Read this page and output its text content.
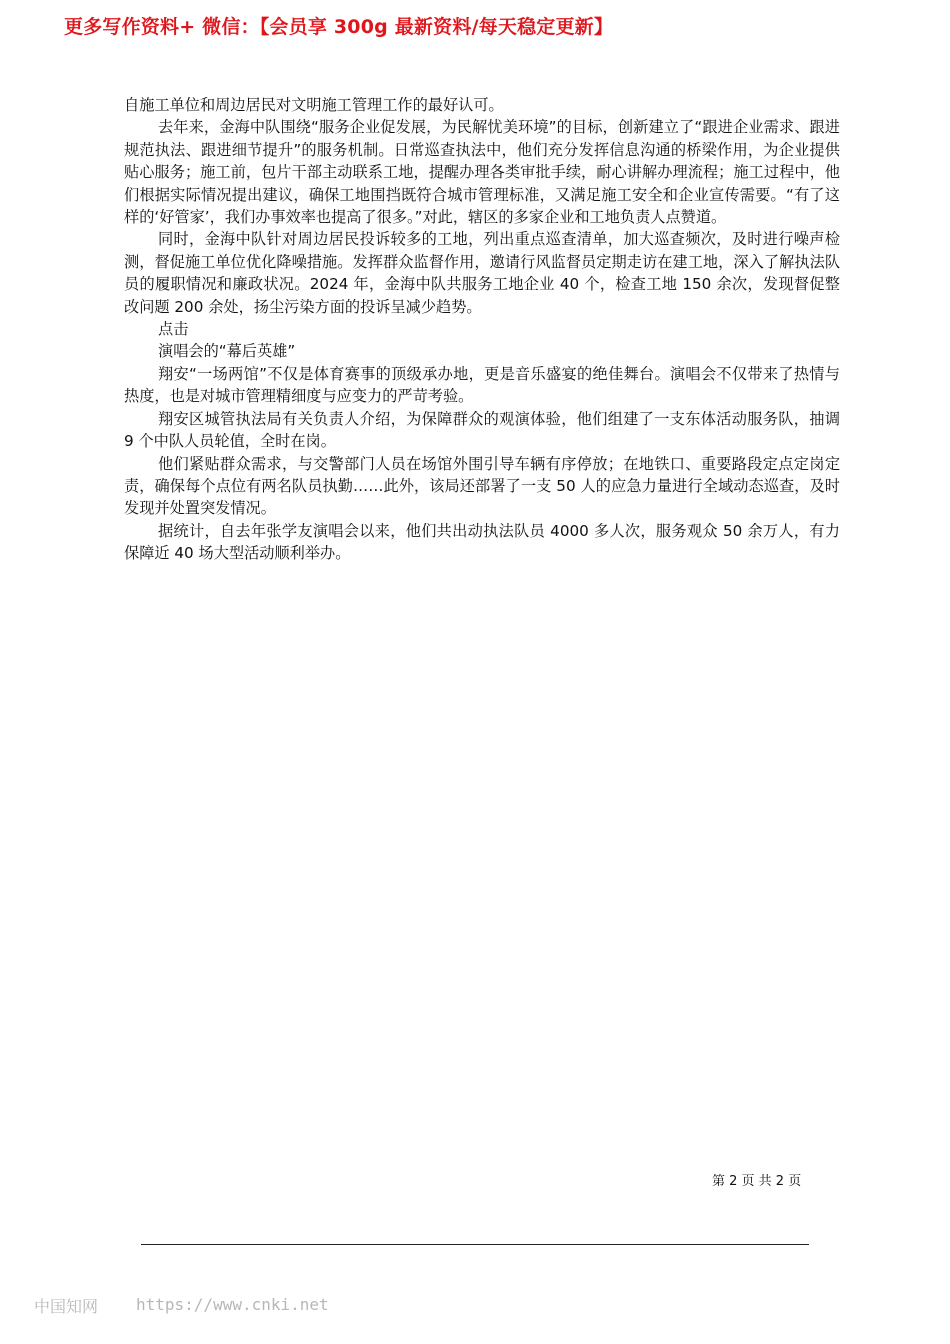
更多写作资料+ 微信：【会员享 300g 最新资料/每天稳定更新】

自施工单位和周边居民对文明施工管理工作的最好认可。

去年来，金海中队围绕“服务企业促发展，为民解忧美环境”的目标，创新建立了“跟进企业需求、跟进规范执法、跟进细节提升”的服务机制。日常巡查执法中，他们充分发挥信息沟通的桥梁作用，为企业提供贴心服务；施工前，包片干部主动联系工地，提醒办理各类审批手续，耐心讲解办理流程；施工过程中，他们根据实际情况提出建议，确保工地围挡既符合城市管理标准，又满足施工安全和企业宣传需要。“有了这样的‘好管家’，我们办事效率也提高了很多。”对此，辖区的多家企业和工地负责人点赞道。

同时，金海中队针对周边居民投诉较多的工地，列出重点巡查清单，加大巡查频次，及时进行噪声检测，督促施工单位优化降噪措施。发挥群众监督作用，邀请行风监督员定期走访在建工地，深入了解执法队员的履职情况和廉政状况。2024 年，金海中队共服务工地企业 40 个，检查工地 150 余次，发现督促整改问题 200 余处，扬尘污染方面的投诉呈减少趋势。

点击

演唱会的“幕后英雄”

翔安“一场两馆”不仅是体育赛事的顶级承办地，更是音乐盛宴的绝佳舞台。演唱会不仅带来了热情与热度，也是对城市管理精细度与应变力的严苛考验。

翔安区城管执法局有关负责人介绍，为保障群众的观演体验，他们组建了一支东体活动服务队，抽调 9 个中队人员轮值，全时在岗。

他们紧贴群众需求，与交警部门人员在场馆外围引导车辆有序停放；在地铁口、重要路段定点定岗定责，确保每个点位有两名队员执勤……此外，该局还部署了一支 50 人的应急力量进行全域动态巡查，及时发现并处置突发情况。

据统计，自去年张学友演唱会以来，他们共出动执法队员 4000 多人次，服务观众 50 余万人，有力保障近 40 场大型活动顺利举办。

第 2 页 共 2 页
中国知网 https://www.cnki.net
